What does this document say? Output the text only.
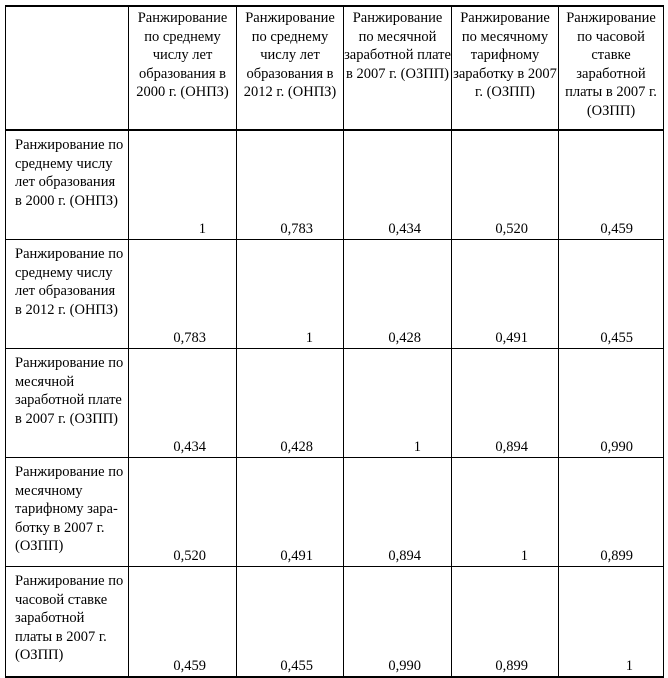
	Ранжирование по среднему числу лет образования в 2000 г. (ОНПЗ)	Ранжирование по среднему числу лет образования в 2012 г. (ОНПЗ)	Ранжирование по месячной заработной плате в 2007 г. (ОЗПП)	Ранжирование по месячному тарифному заработку в 2007 г. (ОЗПП)	Ранжирование по часовой ставке заработной платы в 2007 г. (ОЗПП)
Ранжирование по среднему числу лет образования в 2000 г. (ОНПЗ)	1	0,783	0,434	0,520	0,459
Ранжирование по среднему числу лет образования в 2012 г. (ОНПЗ)	0,783	1	0,428	0,491	0,455
Ранжирование по месячной заработной плате в 2007 г. (ОЗПП)	0,434	0,428	1	0,894	0,990
Ранжирование по месячному тарифному заработку в 2007 г. (ОЗПП)	0,520	0,491	0,894	1	0,899
Ранжирование по часовой ставке заработной платы в 2007 г. (ОЗПП)	0,459	0,455	0,990	0,899	1
